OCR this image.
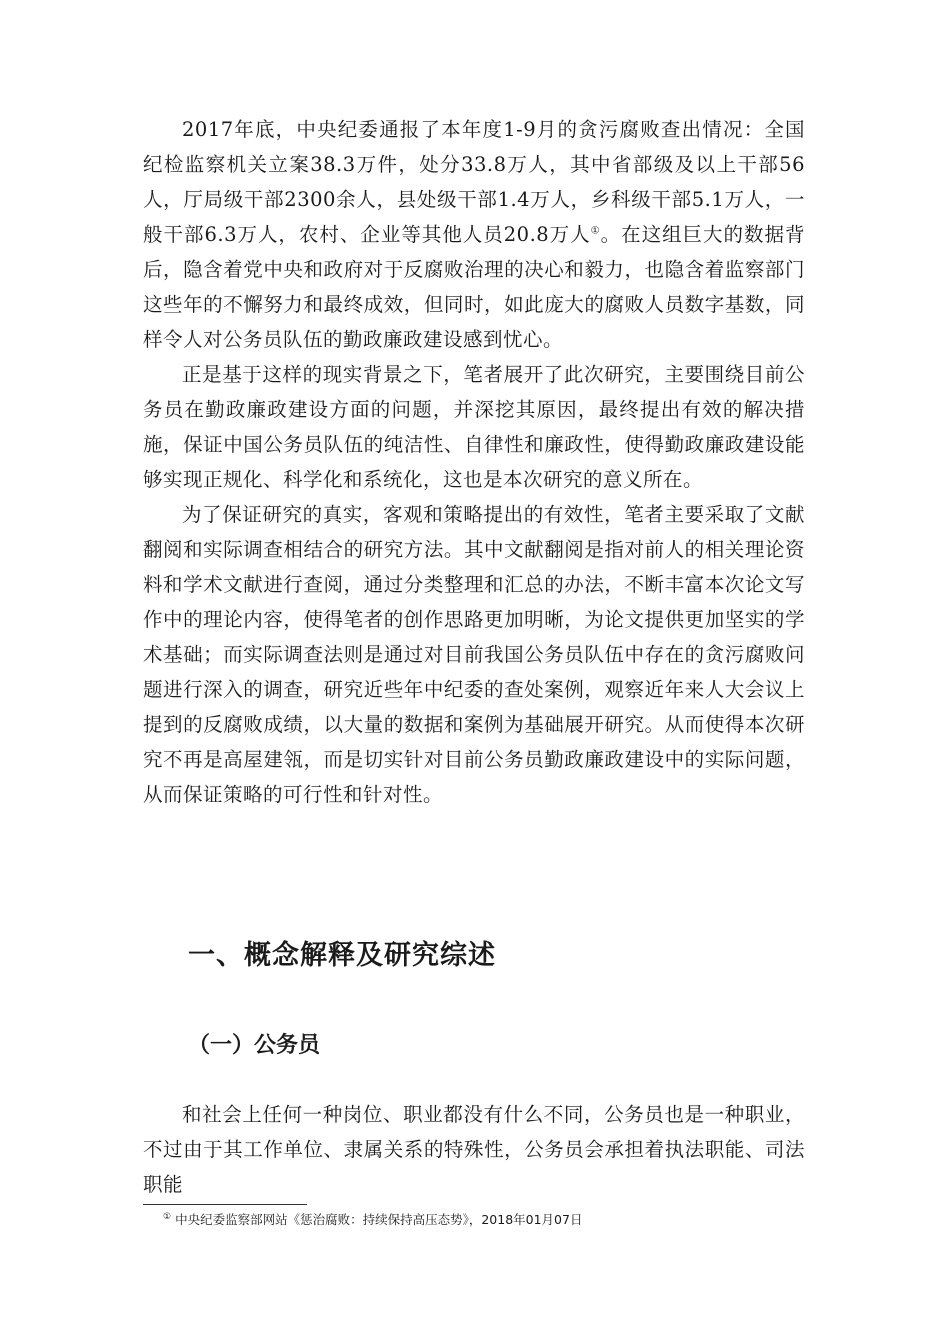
2017年底，中央纪委通报了本年度1-9月的贪污腐败查出情况：全国纪检监察机关立案38.3万件，处分33.8万人，其中省部级及以上干部56人，厅局级干部2300余人，县处级干部1.4万人，乡科级干部5.1万人，一般干部6.3万人，农村、企业等其他人员20.8万人①。在这组巨大的数据背后，隐含着党中央和政府对于反腐败治理的决心和毅力，也隐含着监察部门这些年的不懈努力和最终成效，但同时，如此庞大的腐败人员数字基数，同样令人对公务员队伍的勤政廉政建设感到忧心。

正是基于这样的现实背景之下，笔者展开了此次研究，主要围绕目前公务员在勤政廉政建设方面的问题，并深挖其原因，最终提出有效的解决措施，保证中国公务员队伍的纯洁性、自律性和廉政性，使得勤政廉政建设能够实现正规化、科学化和系统化，这也是本次研究的意义所在。

为了保证研究的真实，客观和策略提出的有效性，笔者主要采取了文献翻阅和实际调查相结合的研究方法。其中文献翻阅是指对前人的相关理论资料和学术文献进行查阅，通过分类整理和汇总的办法，不断丰富本次论文写作中的理论内容，使得笔者的创作思路更加明晰，为论文提供更加坚实的学术基础；而实际调查法则是通过对目前我国公务员队伍中存在的贪污腐败问题进行深入的调查，研究近些年中纪委的查处案例，观察近年来人大会议上提到的反腐败成绩，以大量的数据和案例为基础展开研究。从而使得本次研究不再是高屋建瓴，而是切实针对目前公务员勤政廉政建设中的实际问题，从而保证策略的可行性和针对性。

一、概念解释及研究综述
（一）公务员

和社会上任何一种岗位、职业都没有什么不同，公务员也是一种职业，不过由于其工作单位、隶属关系的特殊性，公务员会承担着执法职能、司法职能

① 中央纪委监察部网站《惩治腐败：持续保持高压态势》，2018年01月07日
